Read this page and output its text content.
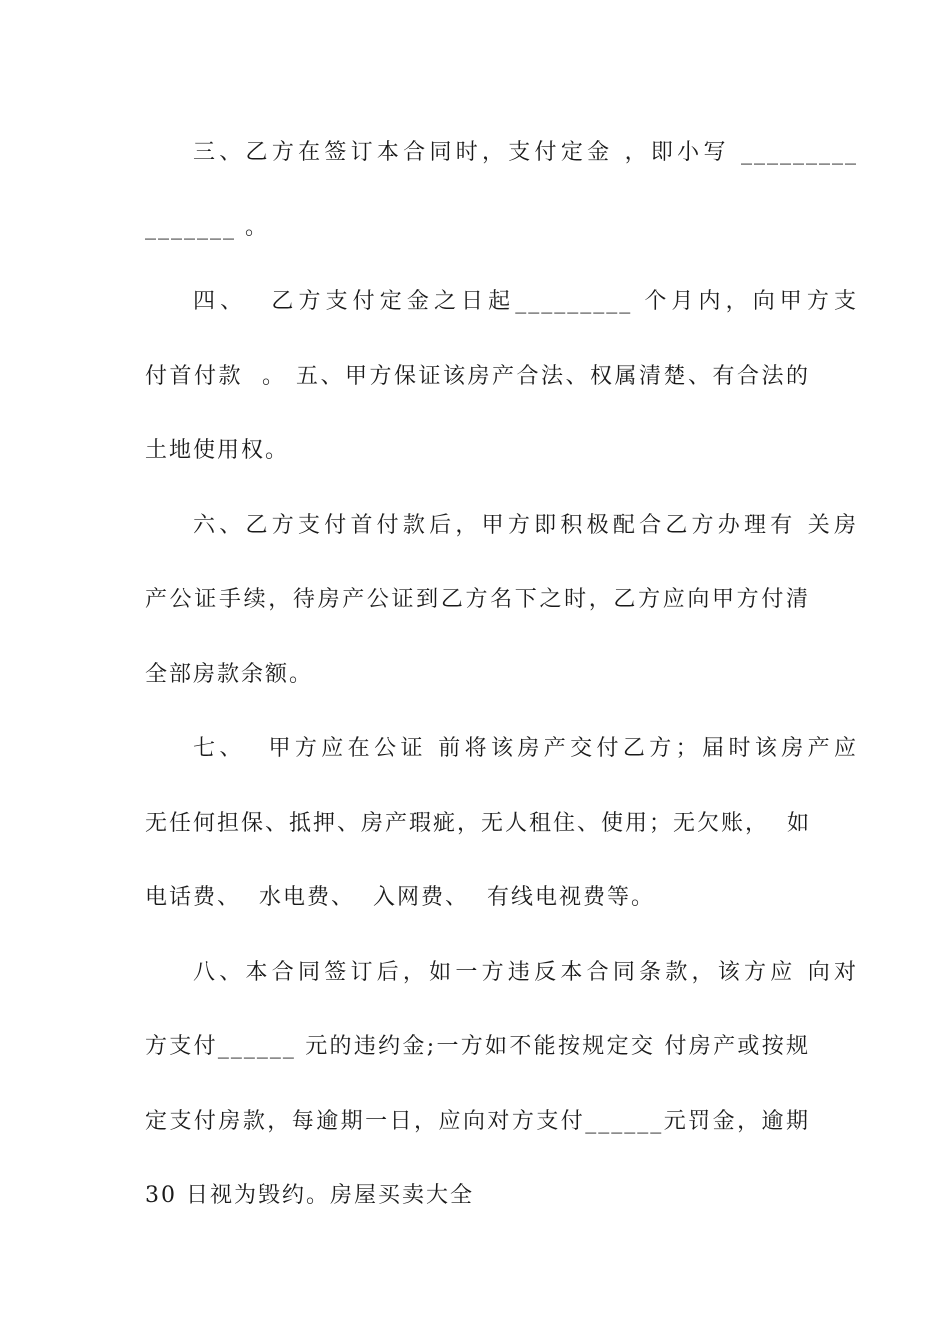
三、乙方在签订本合同时，支付定金 ，即小写 _________

_______ 。

四、  乙方支付定金之日起_________ 个月内，向甲方支

付首付款  。 五、甲方保证该房产合法、权属清楚、有合法的

土地使用权。

六、乙方支付首付款后，甲方即积极配合乙方办理有 关房

产公证手续，待房产公证到乙方名下之时，乙方应向甲方付清

全部房款余额。

七、  甲方应在公证 前将该房产交付乙方；届时该房产应

无任何担保、抵押、房产瑕疵，无人租住、使用；无欠账，  如

电话费、  水电费、  入网费、  有线电视费等。

八、本合同签订后，如一方违反本合同条款，该方应 向对

方支付______ 元的违约金;一方如不能按规定交 付房产或按规

定支付房款，每逾期一日，应向对方支付______元罚金，逾期

30 日视为毁约。房屋买卖大全
